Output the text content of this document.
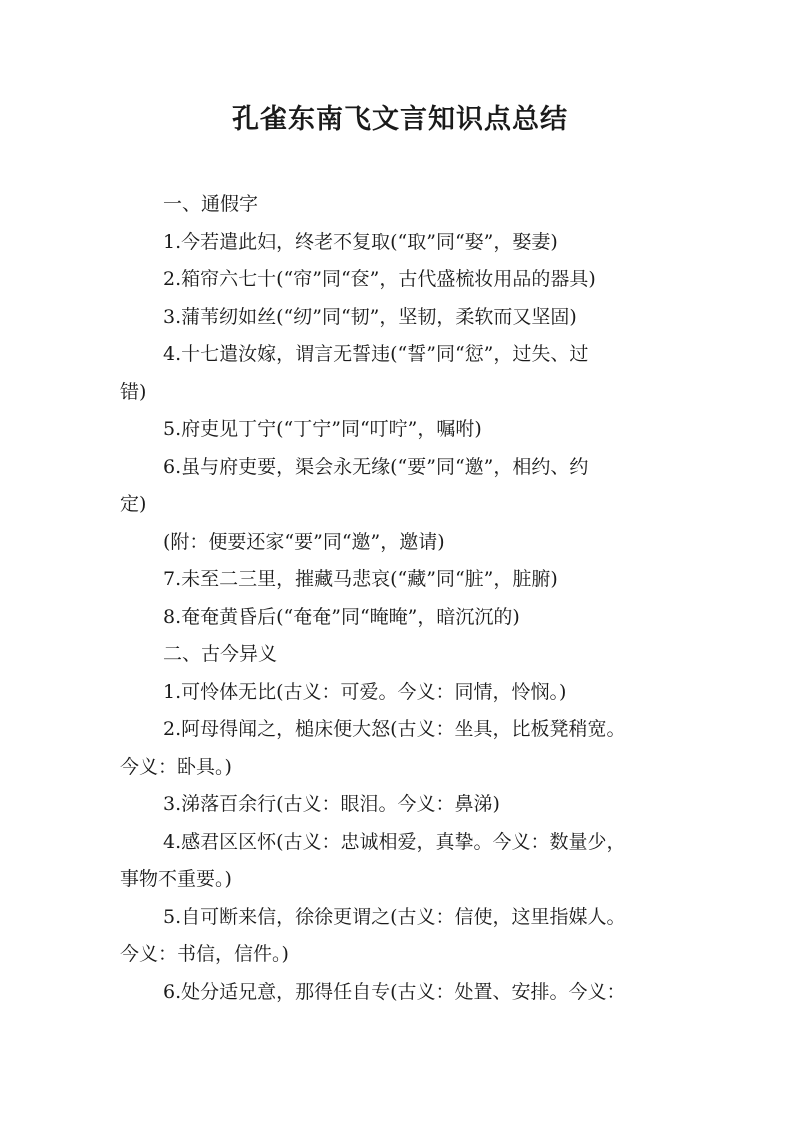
孔雀东南飞文言知识点总结
一、通假字
1.今若遣此妇，终老不复取(“取”同“娶”，娶妻)
2.箱帘六七十(“帘”同“奁”，古代盛梳妆用品的器具)
3.蒲苇纫如丝(“纫”同“韧”，坚韧，柔软而又坚固)
4.十七遣汝嫁，谓言无誓违(“誓”同“愆”，过失、过
错)
5.府吏见丁宁(“丁宁”同“叮咛”，嘱咐)
6.虽与府吏要，渠会永无缘(“要”同“邀”，相约、约
定)
(附：便要还家“要”同“邀”，邀请)
7.未至二三里，摧藏马悲哀(“藏”同“脏”，脏腑)
8.奄奄黄昏后(“奄奄”同“晻晻”，暗沉沉的)
二、古今异义
1.可怜体无比(古义：可爱。今义：同情，怜悯。)
2.阿母得闻之，槌床便大怒(古义：坐具，比板凳稍宽。
今义：卧具。)
3.涕落百余行(古义：眼泪。今义：鼻涕)
4.感君区区怀(古义：忠诚相爱，真挚。今义：数量少，
事物不重要。)
5.自可断来信，徐徐更谓之(古义：信使，这里指媒人。
今义：书信，信件。)
6.处分适兄意，那得任自专(古义：处置、安排。今义：
